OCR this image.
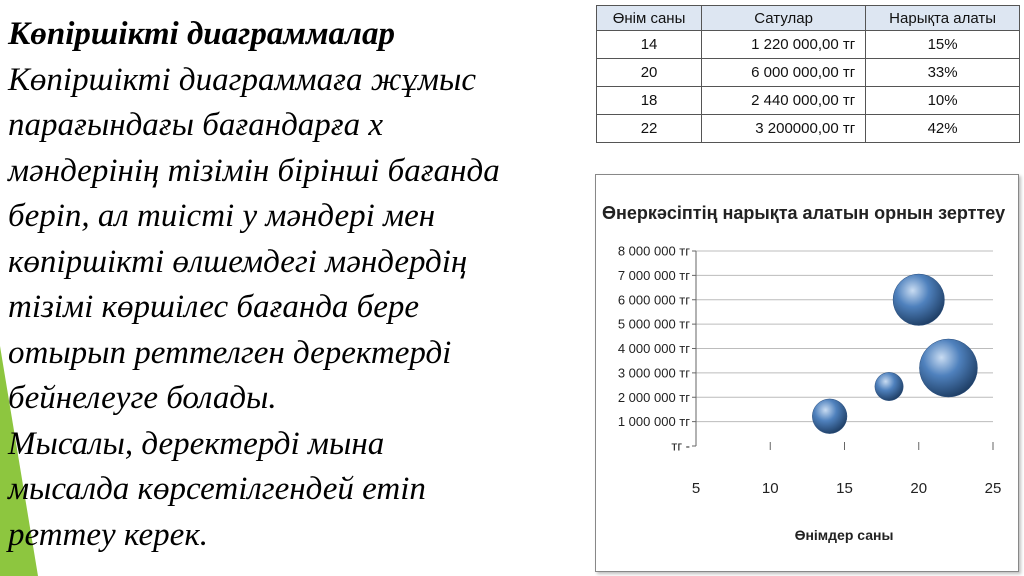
Көпіршікті диаграммалар
Көпіршікті диаграммаға жұмыс
парағындағы бағандарға x
мәндерінің тізімін бірінші бағанда
беріп, ал тиісті y мәндері мен
көпіршікті өлшемдегі мәндердің
тізімі көршілес бағанда бере
отырып реттелген деректерді
бейнелеуге болады.
Мысалы, деректерді мына
мысалда көрсетілгендей етіп
реттеу керек.
Өнім саны	Сатулар	Нарықта алаты
14	1 220 000,00 тг	15%
20	6 000 000,00 тг	33%
18	2 440 000,00 тг	10%
22	3 200000,00 тг	42%
Өнеркәсіптің нарықта алатын орнын зерттеу
тг -
1 000 000 тг
2 000 000 тг
3 000 000 тг
4 000 000 тг
5 000 000 тг
6 000 000 тг
7 000 000 тг
8 000 000 тг
5	10	15	20	25
Өнімдер саны
